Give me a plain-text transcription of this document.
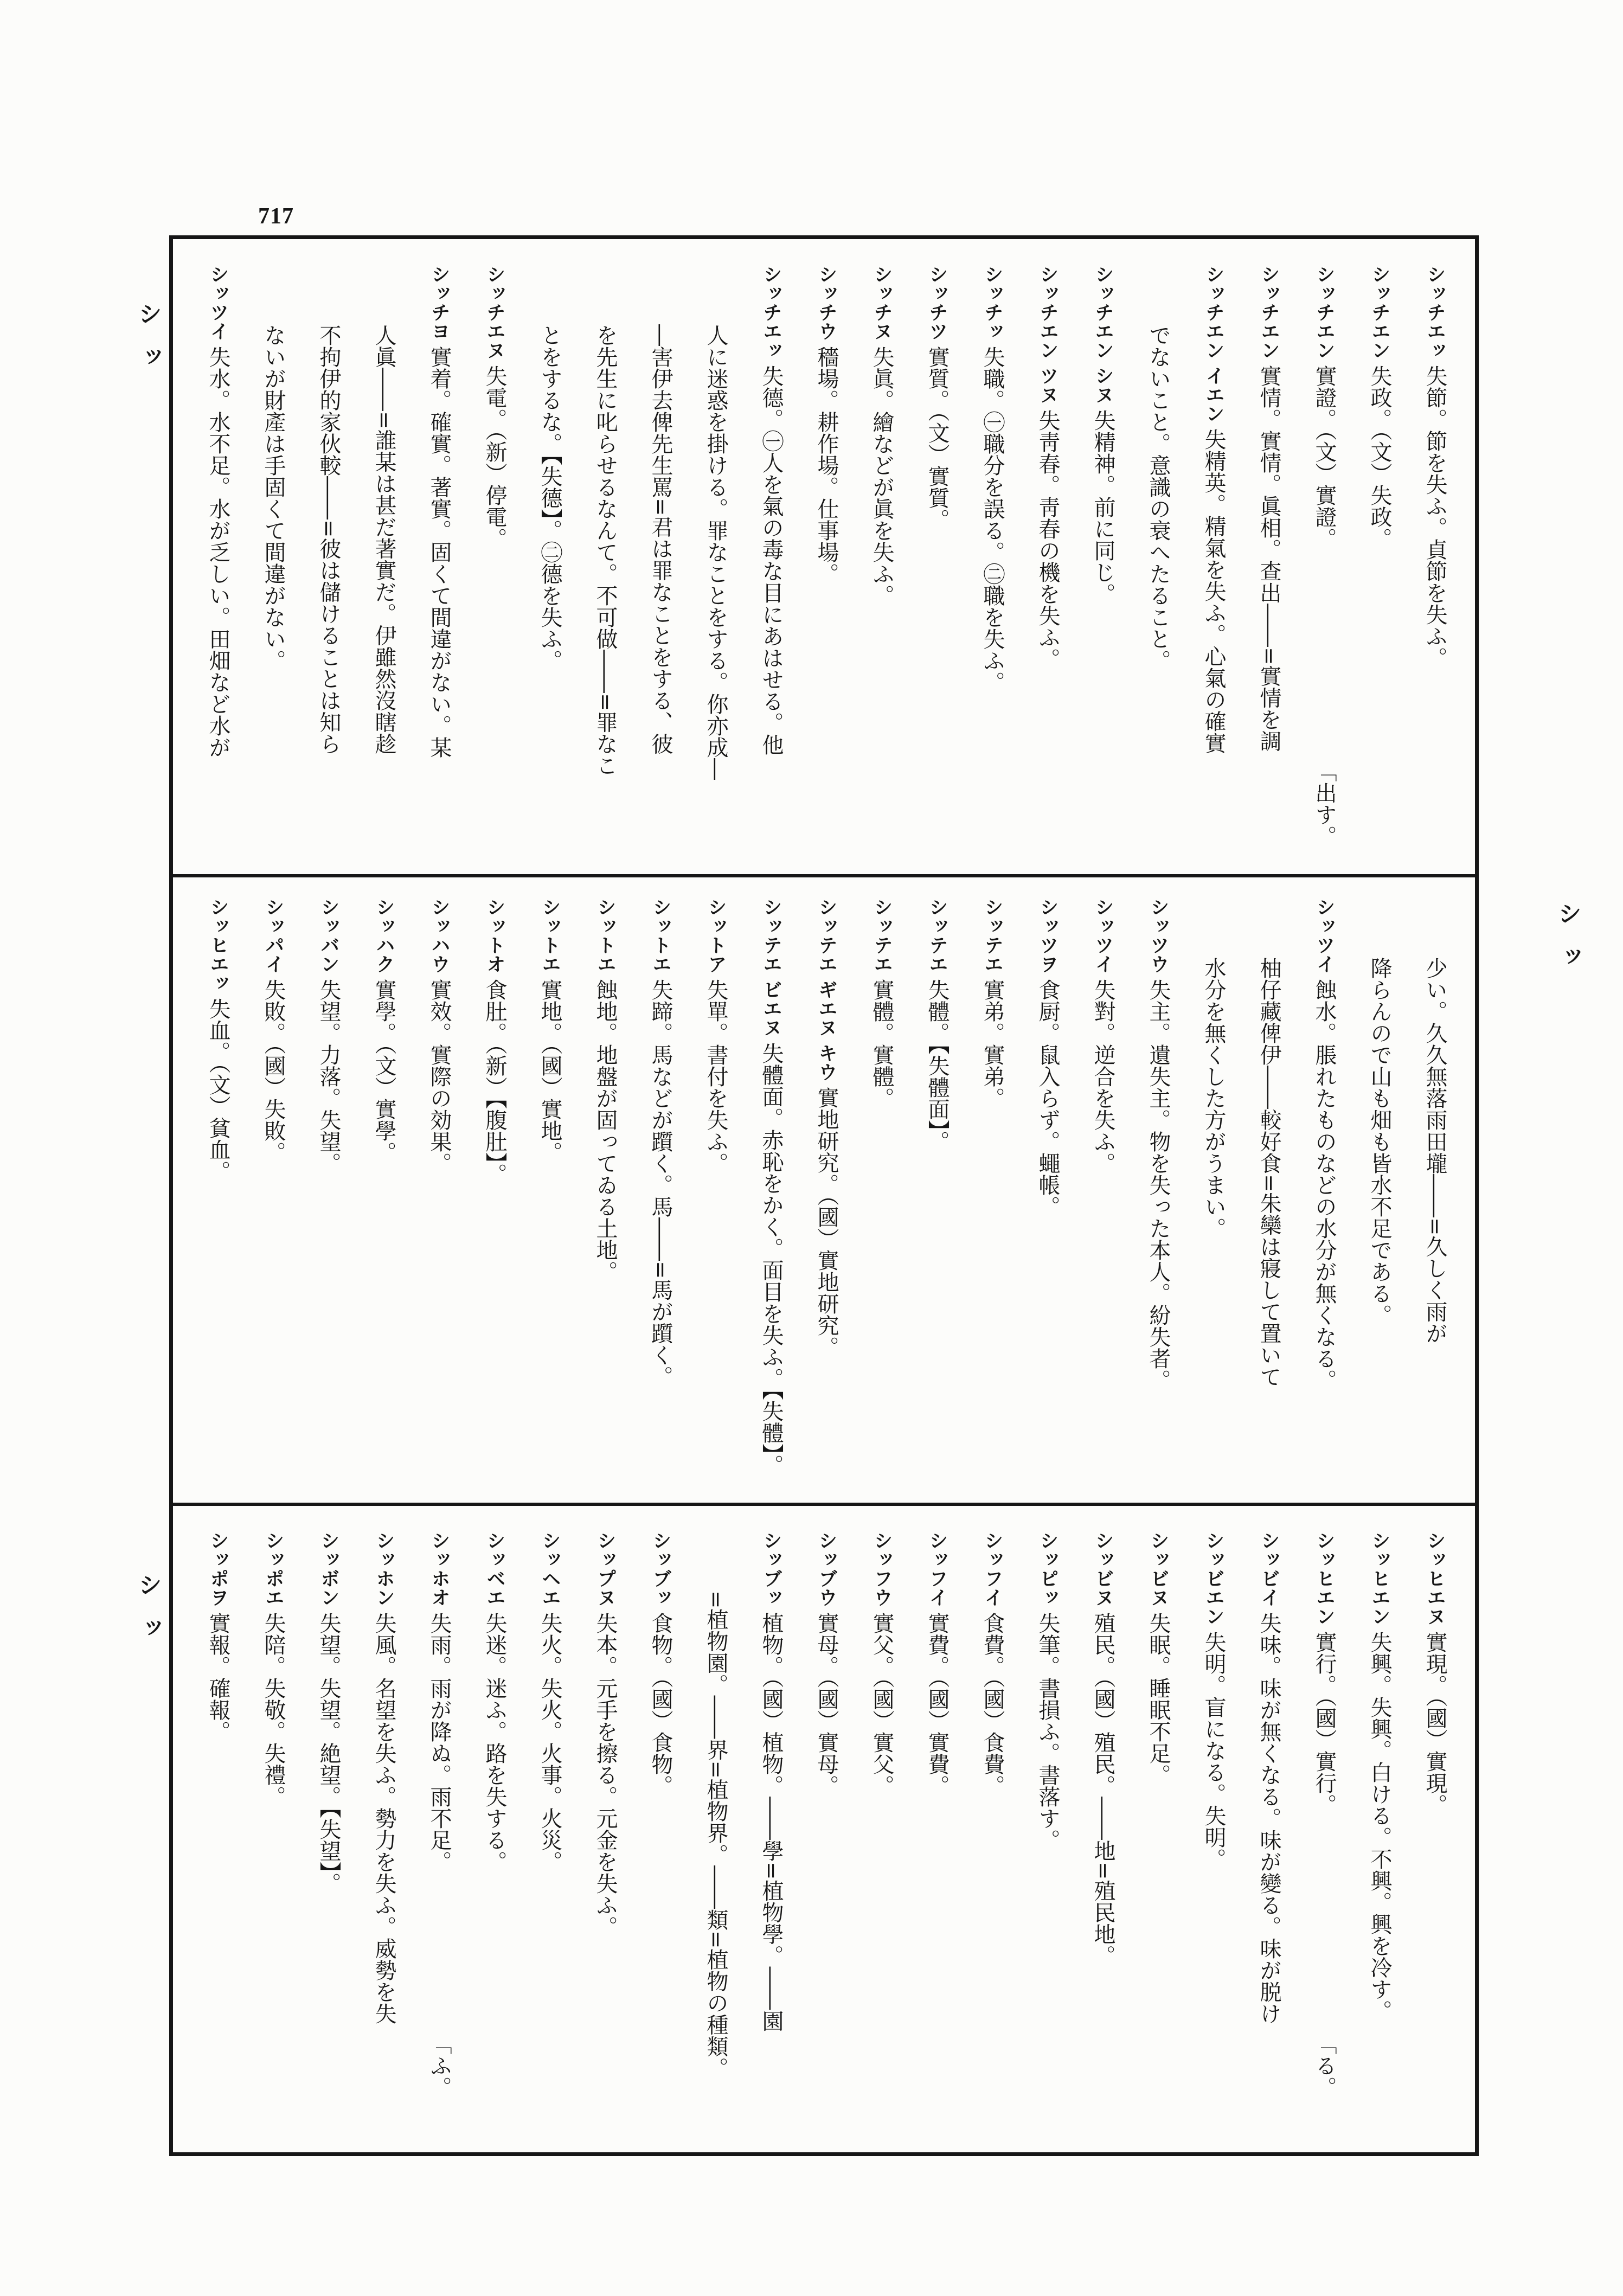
717
シッ
シッ
シッ
シッチエッ
失節。節を失ふ。貞節を失ふ。
シッチエン
失政。（文）失政。
シッチエン
實證。（文）實證。
「出す。
シッチエン
實情。實情。眞相。查出――=實情を調
シッチエン イエン
失精英。精氣を失ふ。心氣の確實
でないこと。意識の衰へたること。
シッチエン シヌ
失精神。前に同じ。
シッチエン ツヌ
失靑春。靑春の機を失ふ。
シッチッ
失職。㊀職分を誤る。㊁職を失ふ。
シッチツ
實質。（文）實質。
シッチヌ
失眞。繪などが眞を失ふ。
シッチウ
穡場。耕作場。仕事場。
シッチエッ
失德。㊀人を氣の毒な目にあはせる。他
人に迷惑を掛ける。罪なことをする。你亦成―
―害伊去俾先生罵=君は罪なことをする、彼
を先生に叱らせるなんて。不可做――=罪なこ
とをするな。【失德】。㊁德を失ふ。
シッチエヌ
失電。（新）停電。
シッチヨ
實着。確實。著實。固くて間違がない。某
人眞――=誰某は甚だ著實だ。伊雖然沒瞎趁
不拘伊的家伙較――=彼は儲けることは知ら
ないが財產は手固くて間違がない。
シッツイ
失水。水不足。水が乏しい。田畑など水が
少い。久久無落雨田壠――=久しく雨が
降らんので山も畑も皆水不足である。
シッツイ
蝕水。脹れたものなどの水分が無くなる。
柚仔藏俾伊――較好食=朱欒は寢して置いて
水分を無くした方がうまい。
シッツウ
失主。遺失主。物を失った本人。紛失者。
シッツイ
失對。逆合を失ふ。
シッツヲ
食厨。鼠入らず。蠅帳。
シッテエ
實弟。實弟。
シッテエ
失體。【失體面】。
シッテエ
實體。實體。
シッテエ ギエヌ キウ
實地研究。（國）實地研究。
シッテエ ビエヌ
失體面。赤恥をかく。面目を失ふ。【失體】。
シットア
失單。書付を失ふ。
シットエ
失蹄。馬などが躓く。馬――=馬が躓く。
シットエ
蝕地。地盤が固ってゐる土地。
シットエ
實地。（國）實地。
シットオ
食肚。（新）【腹肚】。
シッハウ
實效。實際の効果。
シッハク
實學。（文）實學。
シッバン
失望。力落。失望。
シッパイ
失敗。（國）失敗。
シッヒエッ
失血。（文）貧血。
シッヒエヌ
實現。（國）實現。
シッヒエン
失興。失興。白ける。不興。興を冷す。
シッヒエン
實行。（國）實行。
「る。
シッビイ
失味。味が無くなる。味が變る。味が脱け
シッビエン
失明。盲になる。失明。
シッビヌ
失眠。睡眠不足。
シッビヌ
殖民。（國）殖民。――地=殖民地。
シッピッ
失筆。書損ふ。書落す。
シッフイ
食費。（國）食費。
シッフイ
實費。（國）實費。
シッフウ
實父。（國）實父。
シッブウ
實母。（國）實母。
シッブッ
植物。（國）植物。――學=植物學。――園
=植物園。――界=植物界。――類=植物の種類。
シッブッ
食物。（國）食物。
シップヌ
失本。元手を擦る。元金を失ふ。
シッヘエ
失火。失火。火事。火災。
シッベエ
失迷。迷ふ。路を失する。
シッホオ
失雨。雨が降ぬ。雨不足。
「ふ。
シッホン
失風。名望を失ふ。勢力を失ふ。威勢を失
シッボン
失望。失望。絶望。【失望】。
シッポエ
失陪。失敬。失禮。
シッポヲ
實報。確報。
